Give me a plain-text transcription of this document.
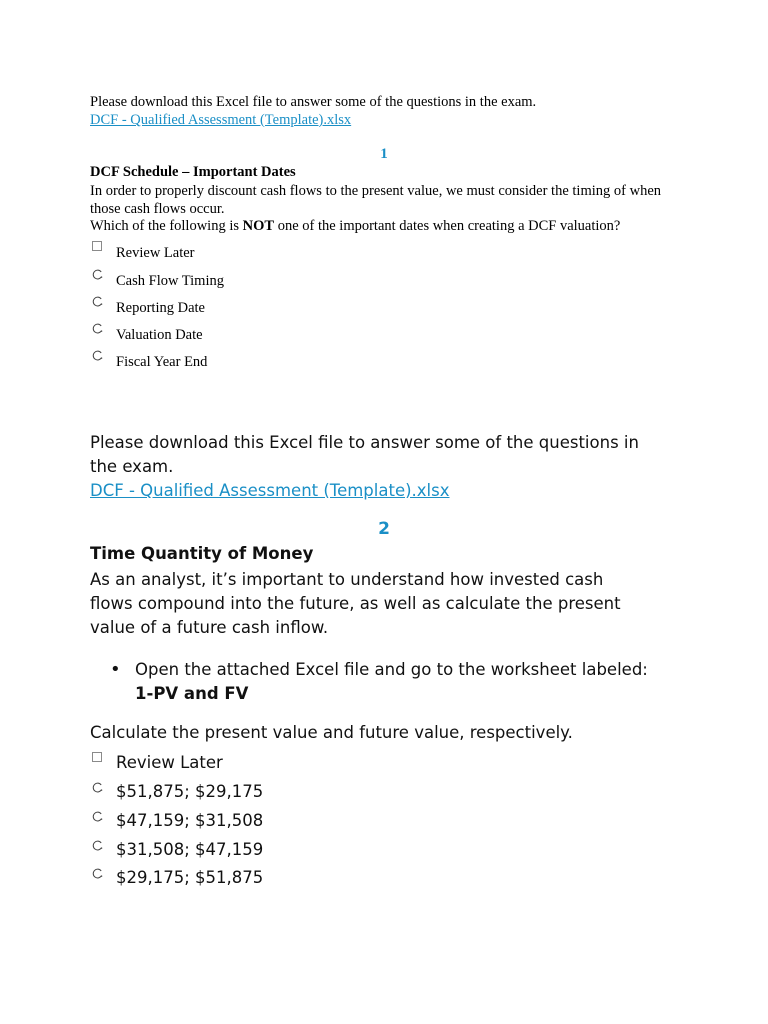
Please download this Excel file to answer some of the questions in the exam.
DCF - Qualified Assessment (Template).xlsx
1
DCF Schedule – Important Dates
In order to properly discount cash flows to the present value, we must consider the timing of when those cash flows occur.
Which of the following is NOT one of the important dates when creating a DCF valuation?
Review Later
Cash Flow Timing
Reporting Date
Valuation Date
Fiscal Year End
Please download this Excel file to answer some of the questions in the exam.
DCF - Qualified Assessment (Template).xlsx
2
Time Quantity of Money
As an analyst, it’s important to understand how invested cash flows compound into the future, as well as calculate the present value of a future cash inflow.
• Open the attached Excel file and go to the worksheet labeled: 1-PV and FV
Calculate the present value and future value, respectively.
Review Later
$51,875; $29,175
$47,159; $31,508
$31,508; $47,159
$29,175; $51,875
